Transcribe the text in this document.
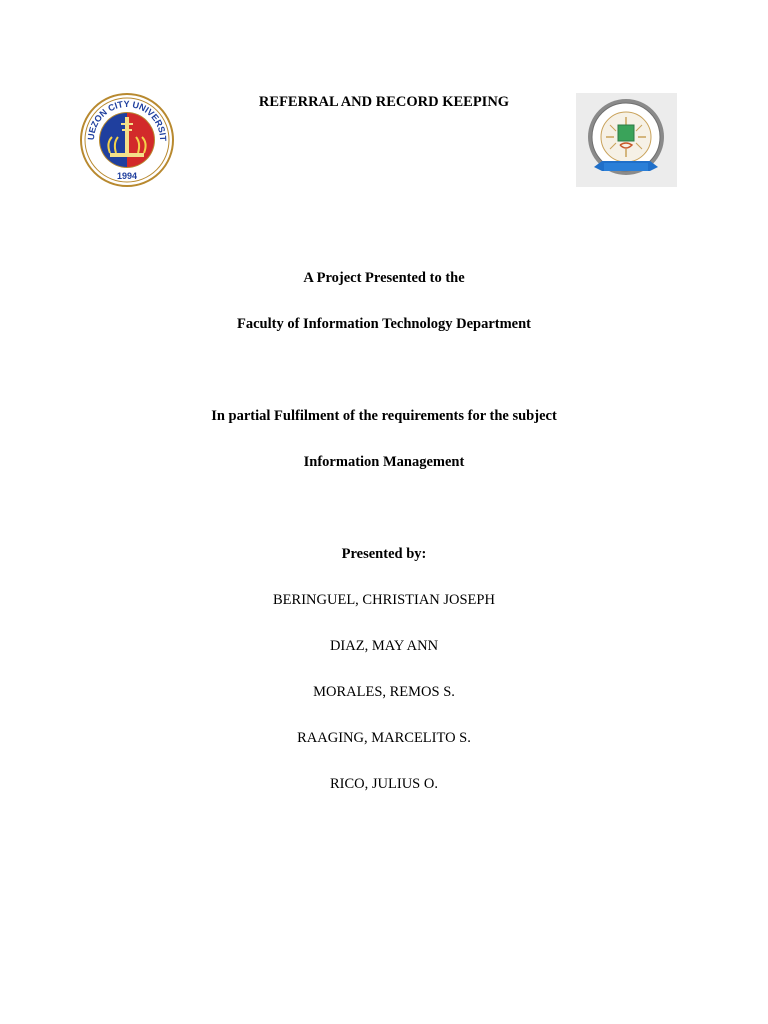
UEZON CITY UNIVERSIT
1994
REFERRAL AND RECORD KEEPING
A Project Presented to the
Faculty of Information Technology Department
In partial Fulfilment of the requirements for the subject
Information Management
Presented by:
BERINGUEL, CHRISTIAN JOSEPH
DIAZ, MAY ANN
MORALES, REMOS S.
RAAGING, MARCELITO S.
RICO, JULIUS O.
